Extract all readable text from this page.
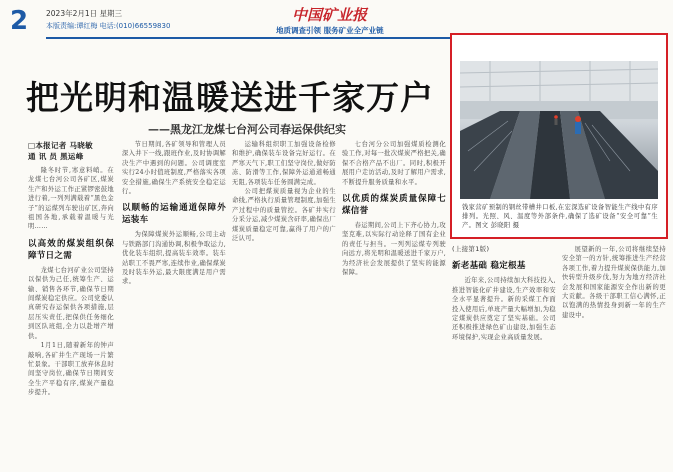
2 2023年2月1日 星期三
本版责编:谭红梅 电话:(010)66559830
中国矿业报
地质调查引领 服务矿业全产业链
把光明和温暖送进千家万户
——黑龙江龙煤七台河公司春运保供纪实

□本报记者 马晓敏
通 讯 员 黑运峰

隆冬时节,寒意料峭。在龙煤七台河公司各矿区,煤炭生产和外运工作正紧锣密鼓地进行着,一列列满载着“黑色金子”的运煤列车驶出矿区,奔向祖国各地,承载着温暖与光明……

以高效的煤炭组织保障节日之需

龙煤七台河矿业公司坚持以保供为己任,统筹生产、运输、销售各环节,确保节日期间煤炭稳定供应。公司党委认真研究春运保供各项措施,层层压实责任,把保供任务细化到区队班组,全力以赴增产增供。

1月1日,随着新年的钟声敲响,各矿井生产现场一片繁忙景象。干部职工放弃休息时间坚守岗位,确保节日期间安全生产平稳有序,煤炭产量稳步提升。

节日期间,各矿领导和管理人员深入井下一线,跟班作业,及时协调解决生产中遇到的问题。公司调度室实行24小时值班制度,严格落实各项安全措施,确保生产系统安全稳定运行。

以顺畅的运输通道保障外运装车

为保障煤炭外运顺畅,公司主动与铁路部门沟通协调,积极争取运力,优化装车组织,提高装车效率。装车站职工不畏严寒,连续作业,确保煤炭及时装车外运,最大限度满足用户需求。

运输科组织职工加强设备检修和维护,确保装车设备完好运行。在严寒天气下,职工们坚守岗位,做好防冻、防滑等工作,保障外运通道畅通无阻,各项装车任务圆满完成。

公司把煤炭质量视为企业的生命线,严格执行质量管理制度,加强生产过程中的质量管控。各矿井实行分采分运,减少煤炭含矸率,确保出厂煤炭质量稳定可靠,赢得了用户的广泛认可。

七台河分公司加强煤质检测化验工作,对每一批次煤炭严格把关,确保不合格产品不出厂。同时,积极开展用户走访活动,及时了解用户需求,不断提升服务质量和水平。

以优质的煤炭质量保障七煤信誉

春运期间,公司上下齐心协力,攻坚克难,以实际行动诠释了国有企业的责任与担当。一列列运煤专列驶向远方,将光明和温暖送进千家万户,为经济社会发展提供了坚实的能源保障。

钱家营矿预制的钢丝带槽井口板,在宏深选矿设备智能生产线中有序排列。光照、风、温度等外部条件,确保了选矿设备“安全可靠”生产。图文 彭晓阳 摄

(上接第1版)

新老基础 稳定根基

近年来,公司持续加大科技投入,推进智能化矿井建设,生产效率和安全水平显著提升。新的采煤工作面投入使用后,单班产量大幅增加,为稳定煤炭供应奠定了坚实基础。公司还积极推进绿色矿山建设,加强生态环境保护,实现企业高质量发展。

展望新的一年,公司将继续坚持安全第一的方针,统筹推进生产经营各项工作,着力提升煤炭保供能力,加快转型升级步伐,努力为地方经济社会发展和国家能源安全作出新的更大贡献。各级干部职工信心满怀,正以饱满的热情投身到新一年的生产建设中。
